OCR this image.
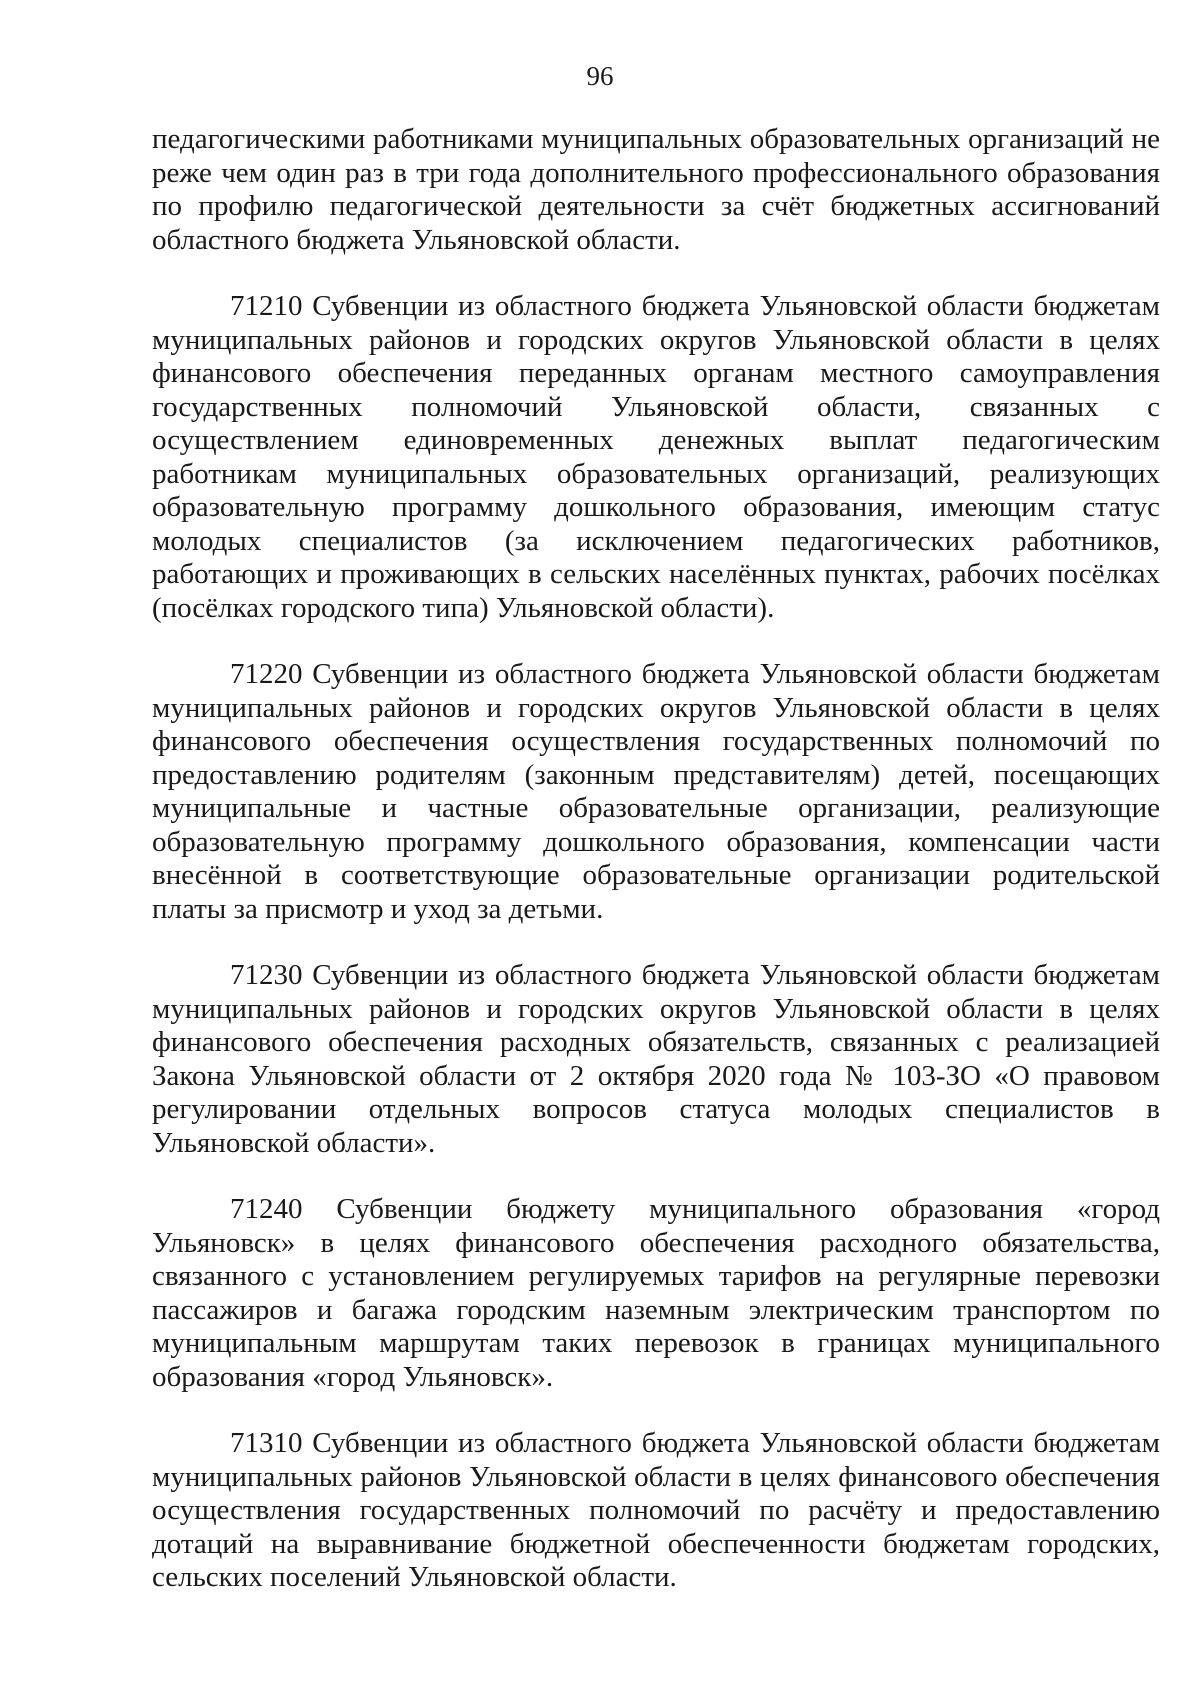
96

педагогическими работниками муниципальных образовательных организаций не реже чем один раз в три года дополнительного профессионального образования по профилю педагогической деятельности за счёт бюджетных ассигнований областного бюджета Ульяновской области.

71210 Субвенции из областного бюджета Ульяновской области бюджетам муниципальных районов и городских округов Ульяновской области в целях финансового обеспечения переданных органам местного самоуправления государственных полномочий Ульяновской области, связанных с осуществлением единовременных денежных выплат педагогическим работникам муниципальных образовательных организаций, реализующих образовательную программу дошкольного образования, имеющим статус молодых специалистов (за исключением педагогических работников, работающих и проживающих в сельских населённых пунктах, рабочих посёлках (посёлках городского типа) Ульяновской области).

71220 Субвенции из областного бюджета Ульяновской области бюджетам муниципальных районов и городских округов Ульяновской области в целях финансового обеспечения осуществления государственных полномочий по предоставлению родителям (законным представителям) детей, посещающих муниципальные и частные образовательные организации, реализующие образовательную программу дошкольного образования, компенсации части внесённой в соответствующие образовательные организации родительской платы за присмотр и уход за детьми.

71230 Субвенции из областного бюджета Ульяновской области бюджетам муниципальных районов и городских округов Ульяновской области в целях финансового обеспечения расходных обязательств, связанных с реализацией Закона Ульяновской области от 2 октября 2020 года № 103-ЗО «О правовом регулировании отдельных вопросов статуса молодых специалистов в Ульяновской области».

71240 Субвенции бюджету муниципального образования «город Ульяновск» в целях финансового обеспечения расходного обязательства, связанного с установлением регулируемых тарифов на регулярные перевозки пассажиров и багажа городским наземным электрическим транспортом по муниципальным маршрутам таких перевозок в границах муниципального образования «город Ульяновск».

71310 Субвенции из областного бюджета Ульяновской области бюджетам муниципальных районов Ульяновской области в целях финансового обеспечения осуществления государственных полномочий по расчёту и предоставлению дотаций на выравнивание бюджетной обеспеченности бюджетам городских, сельских поселений Ульяновской области.
